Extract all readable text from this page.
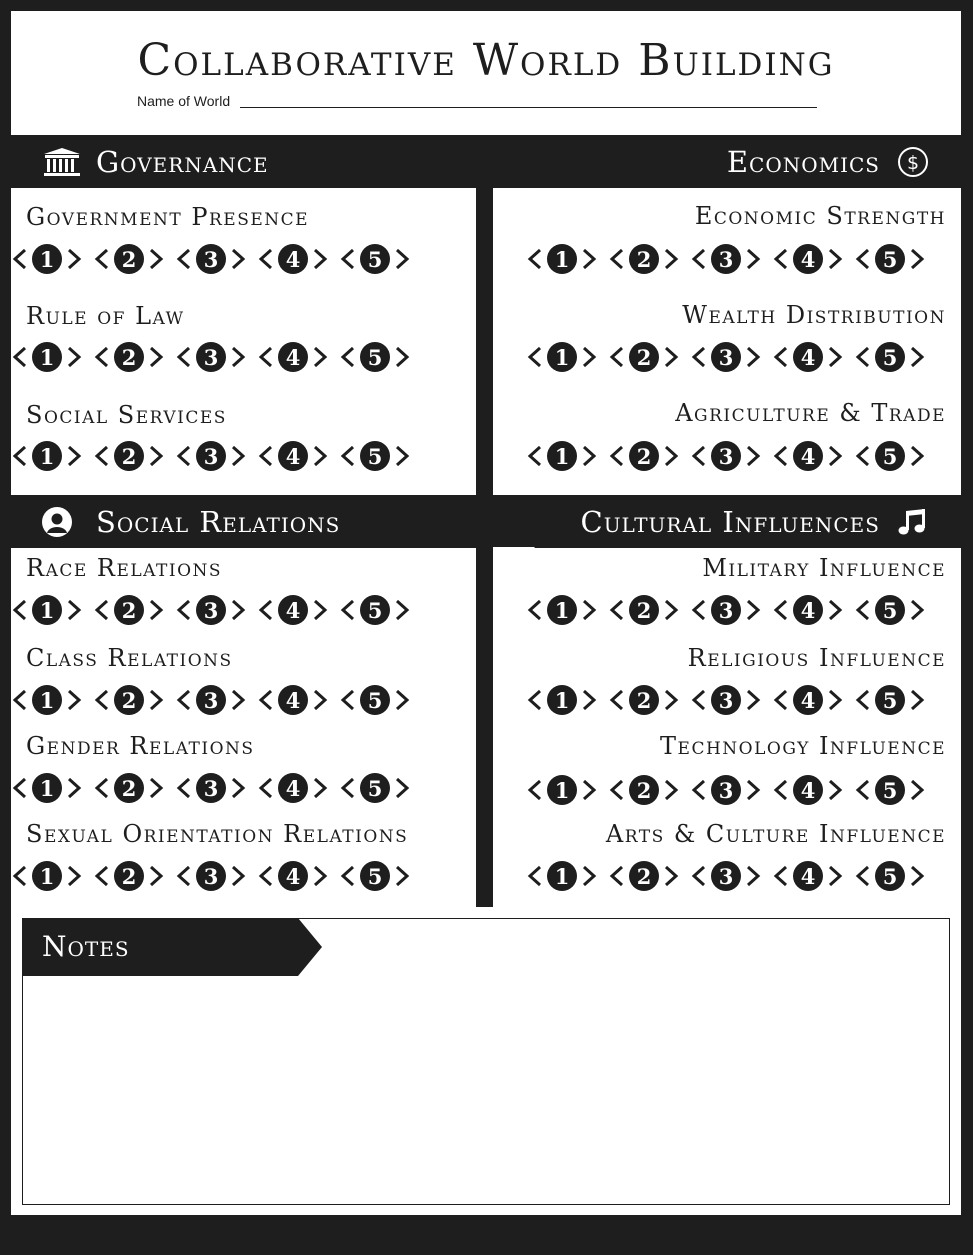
Collaborative World Building
Name of World
Governance	Economics $
Social Relations	Cultural Influences
Government Presence
1	2	3	4	5
Rule of Law
1	2	3	4	5
Social Services
1	2	3	4	5
Race Relations
1	2	3	4	5
Class Relations
1	2	3	4	5
Gender Relations
1	2	3	4	5
Sexual Orientation Relations
1	2	3	4	5
Economic Strength
1	2	3	4	5
Wealth Distribution
1	2	3	4	5
Agriculture & Trade
1	2	3	4	5
Military Influence
1	2	3	4	5
Religious Influence
1	2	3	4	5
Technology Influence
1	2	3	4	5
Arts & Culture Influence
1	2	3	4	5
Notes
